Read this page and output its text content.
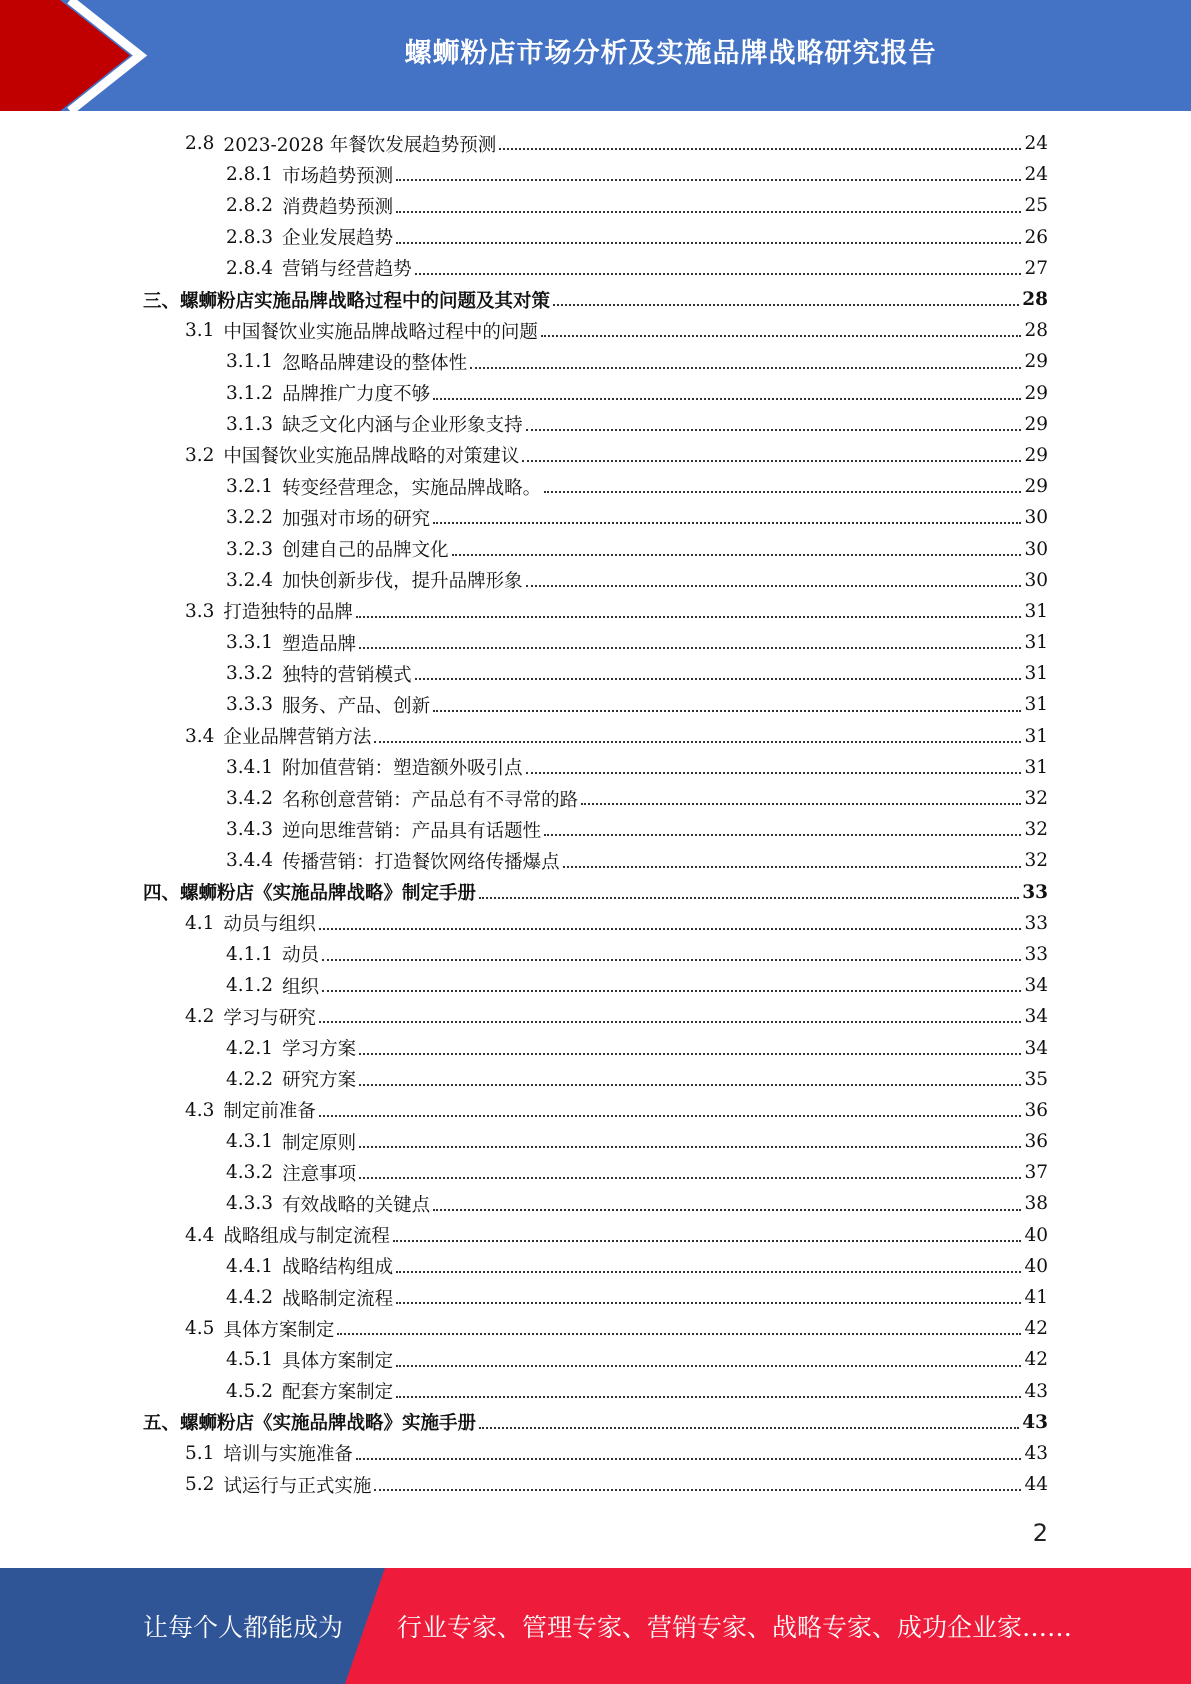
螺蛳粉店市场分析及实施品牌战略研究报告
2.8 2023-2028 年餐饮发展趋势预测	24
2.8.1 市场趋势预测	24
2.8.2 消费趋势预测	25
2.8.3 企业发展趋势	26
2.8.4 营销与经营趋势	27
三、 螺蛳粉店实施品牌战略过程中的问题及其对策	28
3.1 中国餐饮业实施品牌战略过程中的问题	28
3.1.1 忽略品牌建设的整体性	29
3.1.2 品牌推广力度不够	29
3.1.3 缺乏文化内涵与企业形象支持	29
3.2 中国餐饮业实施品牌战略的对策建议	29
3.2.1 转变经营理念，实施品牌战略。	29
3.2.2 加强对市场的研究	30
3.2.3 创建自己的品牌文化	30
3.2.4 加快创新步伐，提升品牌形象	30
3.3 打造独特的品牌	31
3.3.1 塑造品牌	31
3.3.2 独特的营销模式	31
3.3.3 服务、产品、创新	31
3.4 企业品牌营销方法	31
3.4.1 附加值营销：塑造额外吸引点	31
3.4.2 名称创意营销：产品总有不寻常的路	32
3.4.3 逆向思维营销：产品具有话题性	32
3.4.4 传播营销：打造餐饮网络传播爆点	32
四、 螺蛳粉店《实施品牌战略》制定手册	33
4.1 动员与组织	33
4.1.1 动员	33
4.1.2 组织	34
4.2 学习与研究	34
4.2.1 学习方案	34
4.2.2 研究方案	35
4.3 制定前准备	36
4.3.1 制定原则	36
4.3.2 注意事项	37
4.3.3 有效战略的关键点	38
4.4 战略组成与制定流程	40
4.4.1 战略结构组成	40
4.4.2 战略制定流程	41
4.5 具体方案制定	42
4.5.1 具体方案制定	42
4.5.2 配套方案制定	43
五、 螺蛳粉店《实施品牌战略》实施手册	43
5.1 培训与实施准备	43
5.2 试运行与正式实施	44
2
让每个人都能成为 行业专家、管理专家、营销专家、战略专家、成功企业家……
